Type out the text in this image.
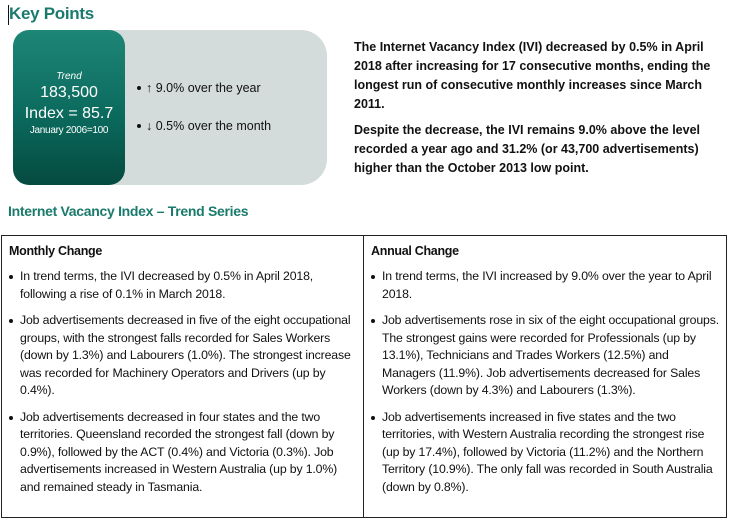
Key Points
Trend
183,500
Index = 85.7
January 2006=100
↑ 9.0% over the year
↓ 0.5% over the month

The Internet Vacancy Index (IVI) decreased by 0.5% in April 2018 after increasing for 17 consecutive months, ending the longest run of consecutive monthly increases since March 2011.

Despite the decrease, the IVI remains 9.0% above the level recorded a year ago and 31.2% (or 43,700 advertisements) higher than the October 2013 low point.

Internet Vacancy Index – Trend Series
Monthly Change
In trend terms, the IVI decreased by 0.5% in April 2018, following a rise of 0.1% in March 2018.
Job advertisements decreased in five of the eight occupational groups, with the strongest falls recorded for Sales Workers (down by 1.3%) and Labourers (1.0%). The strongest increase was recorded for Machinery Operators and Drivers (up by 0.4%).
Job advertisements decreased in four states and the two territories. Queensland recorded the strongest fall (down by 0.9%), followed by the ACT (0.4%) and Victoria (0.3%). Job advertisements increased in Western Australia (up by 1.0%) and remained steady in Tasmania.
Annual Change
In trend terms, the IVI increased by 9.0% over the year to April 2018.
Job advertisements rose in six of the eight occupational groups. The strongest gains were recorded for Professionals (up by 13.1%), Technicians and Trades Workers (12.5%) and Managers (11.9%). Job advertisements decreased for Sales Workers (down by 4.3%) and Labourers (1.3%).
Job advertisements increased in five states and the two territories, with Western Australia recording the strongest rise (up by 17.4%), followed by Victoria (11.2%) and the Northern Territory (10.9%). The only fall was recorded in South Australia (down by 0.8%).
